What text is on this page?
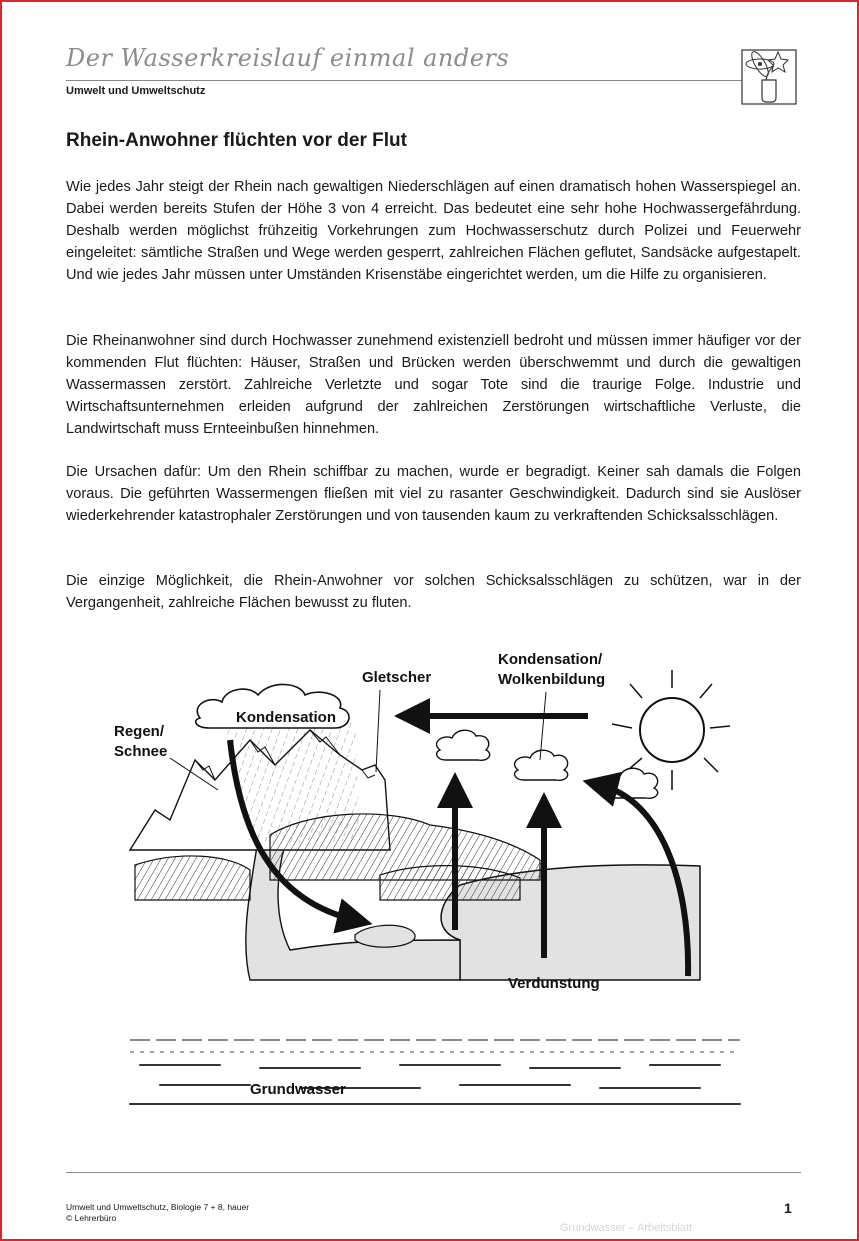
Der Wasserkreislauf einmal anders
Umwelt und Umweltschutz
Rhein-Anwohner flüchten vor der Flut

Wie jedes Jahr steigt der Rhein nach gewaltigen Niederschlägen auf einen dramatisch hohen Wasserspiegel an. Dabei werden bereits Stufen der Höhe 3 von 4 erreicht. Das bedeutet eine sehr hohe Hochwassergefährdung. Deshalb werden möglichst frühzeitig Vorkehrungen zum Hochwasserschutz durch Polizei und Feuerwehr eingeleitet: sämtliche Straßen und Wege werden gesperrt, zahlreichen Flächen geflutet, Sandsäcke aufgestapelt. Und wie jedes Jahr müssen unter Umständen Krisenstäbe eingerichtet werden, um die Hilfe zu organisieren.

Die Rheinanwohner sind durch Hochwasser zunehmend existenziell bedroht und müssen immer häufiger vor der kommenden Flut flüchten: Häuser, Straßen und Brücken werden überschwemmt und durch die gewaltigen Wassermassen zerstört. Zahlreiche Verletzte und sogar Tote sind die traurige Folge. Industrie und Wirtschaftsunternehmen erleiden aufgrund der zahlreichen Zerstörungen wirtschaftliche Verluste, die Landwirtschaft muss Ernteeinbußen hinnehmen.

Die Ursachen dafür: Um den Rhein schiffbar zu machen, wurde er begradigt. Keiner sah damals die Folgen voraus. Die geführten Wassermengen fließen mit viel zu rasanter Geschwindigkeit. Dadurch sind sie Auslöser wiederkehrender katastrophaler Zerstörungen und von tausenden kaum zu verkraftenden Schicksalsschlägen.

Die einzige Möglichkeit, die Rhein-Anwohner vor solchen Schicksalsschlägen zu schützen, war in der Vergangenheit, zahlreiche Flächen bewusst zu fluten.

Gletscher
Kondensation/
Wolkenbildung
Kondensation
Regen/
Schnee
Verdunstung
Grundwasser
Umwelt und Umweltschutz, Biologie 7 + 8, hauer
© Lehrerbüro
1
Grundwasser – Arbeitsblatt
